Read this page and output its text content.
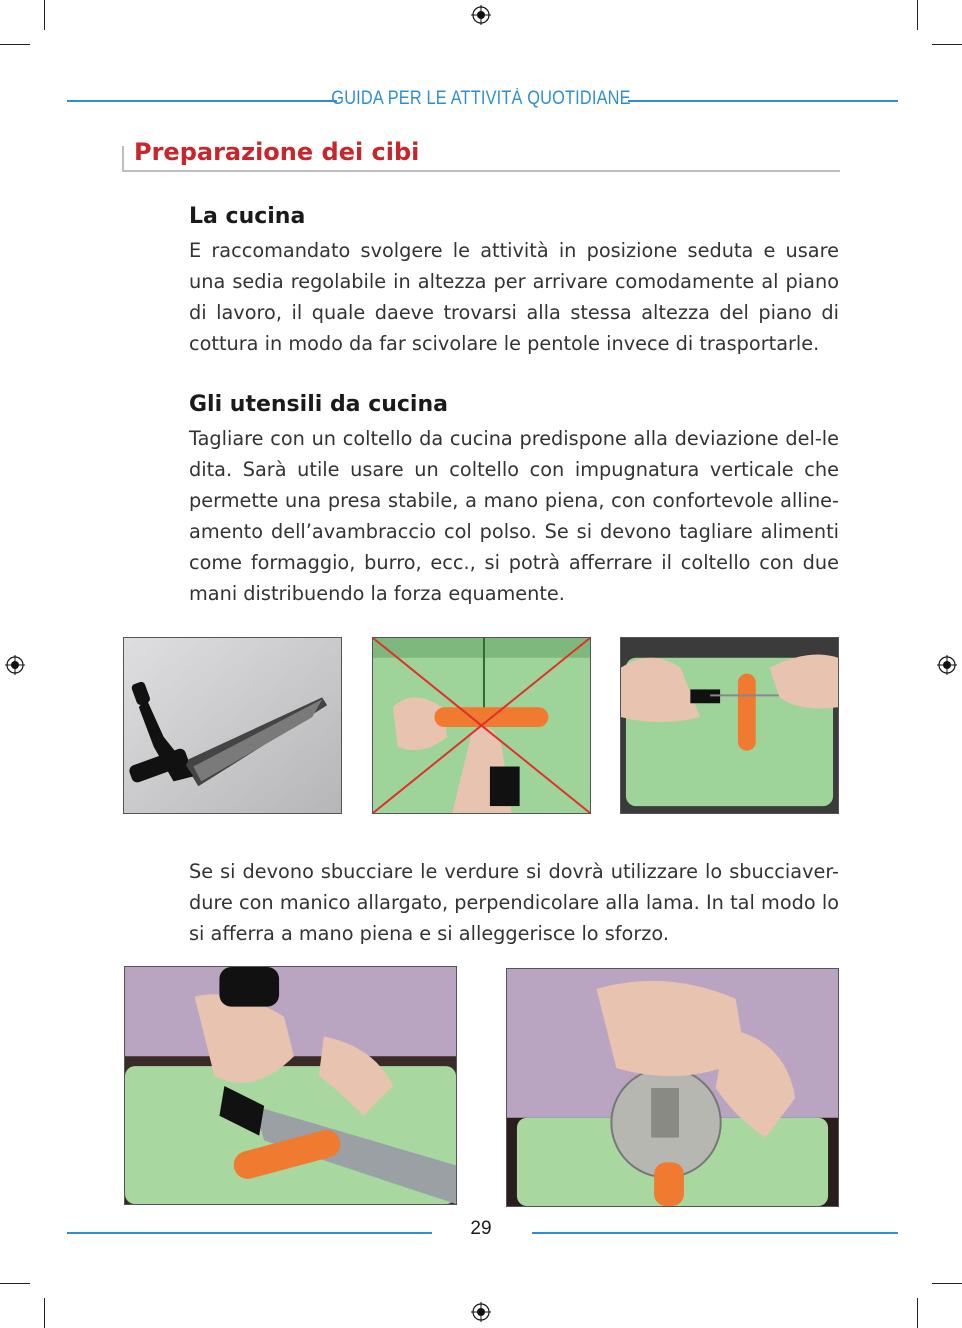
GUIDA PER LE ATTIVITÀ QUOTIDIANE
Preparazione dei cibi
La cucina

E raccomandato svolgere le attività in posizione seduta e usare una sedia regolabile in altezza per arrivare comodamente al piano di lavoro, il quale daeve trovarsi alla stessa altezza del piano di cottura in modo da far scivolare le pentole invece di trasportarle.

Gli utensili da cucina

Tagliare con un coltello da cucina predispone alla deviazione del-le dita. Sarà utile usare un coltello con impugnatura verticale che permette una presa stabile, a mano piena, con confortevole alline-amento dell’avambraccio col polso. Se si devono tagliare alimenti come formaggio, burro, ecc., si potrà afferrare il coltello con due mani distribuendo la forza equamente.

Se si devono sbucciare le verdure si dovrà utilizzare lo sbucciaver-dure con manico allargato, perpendicolare alla lama. In tal modo lo si afferra a mano piena e si alleggerisce lo sforzo.

29
